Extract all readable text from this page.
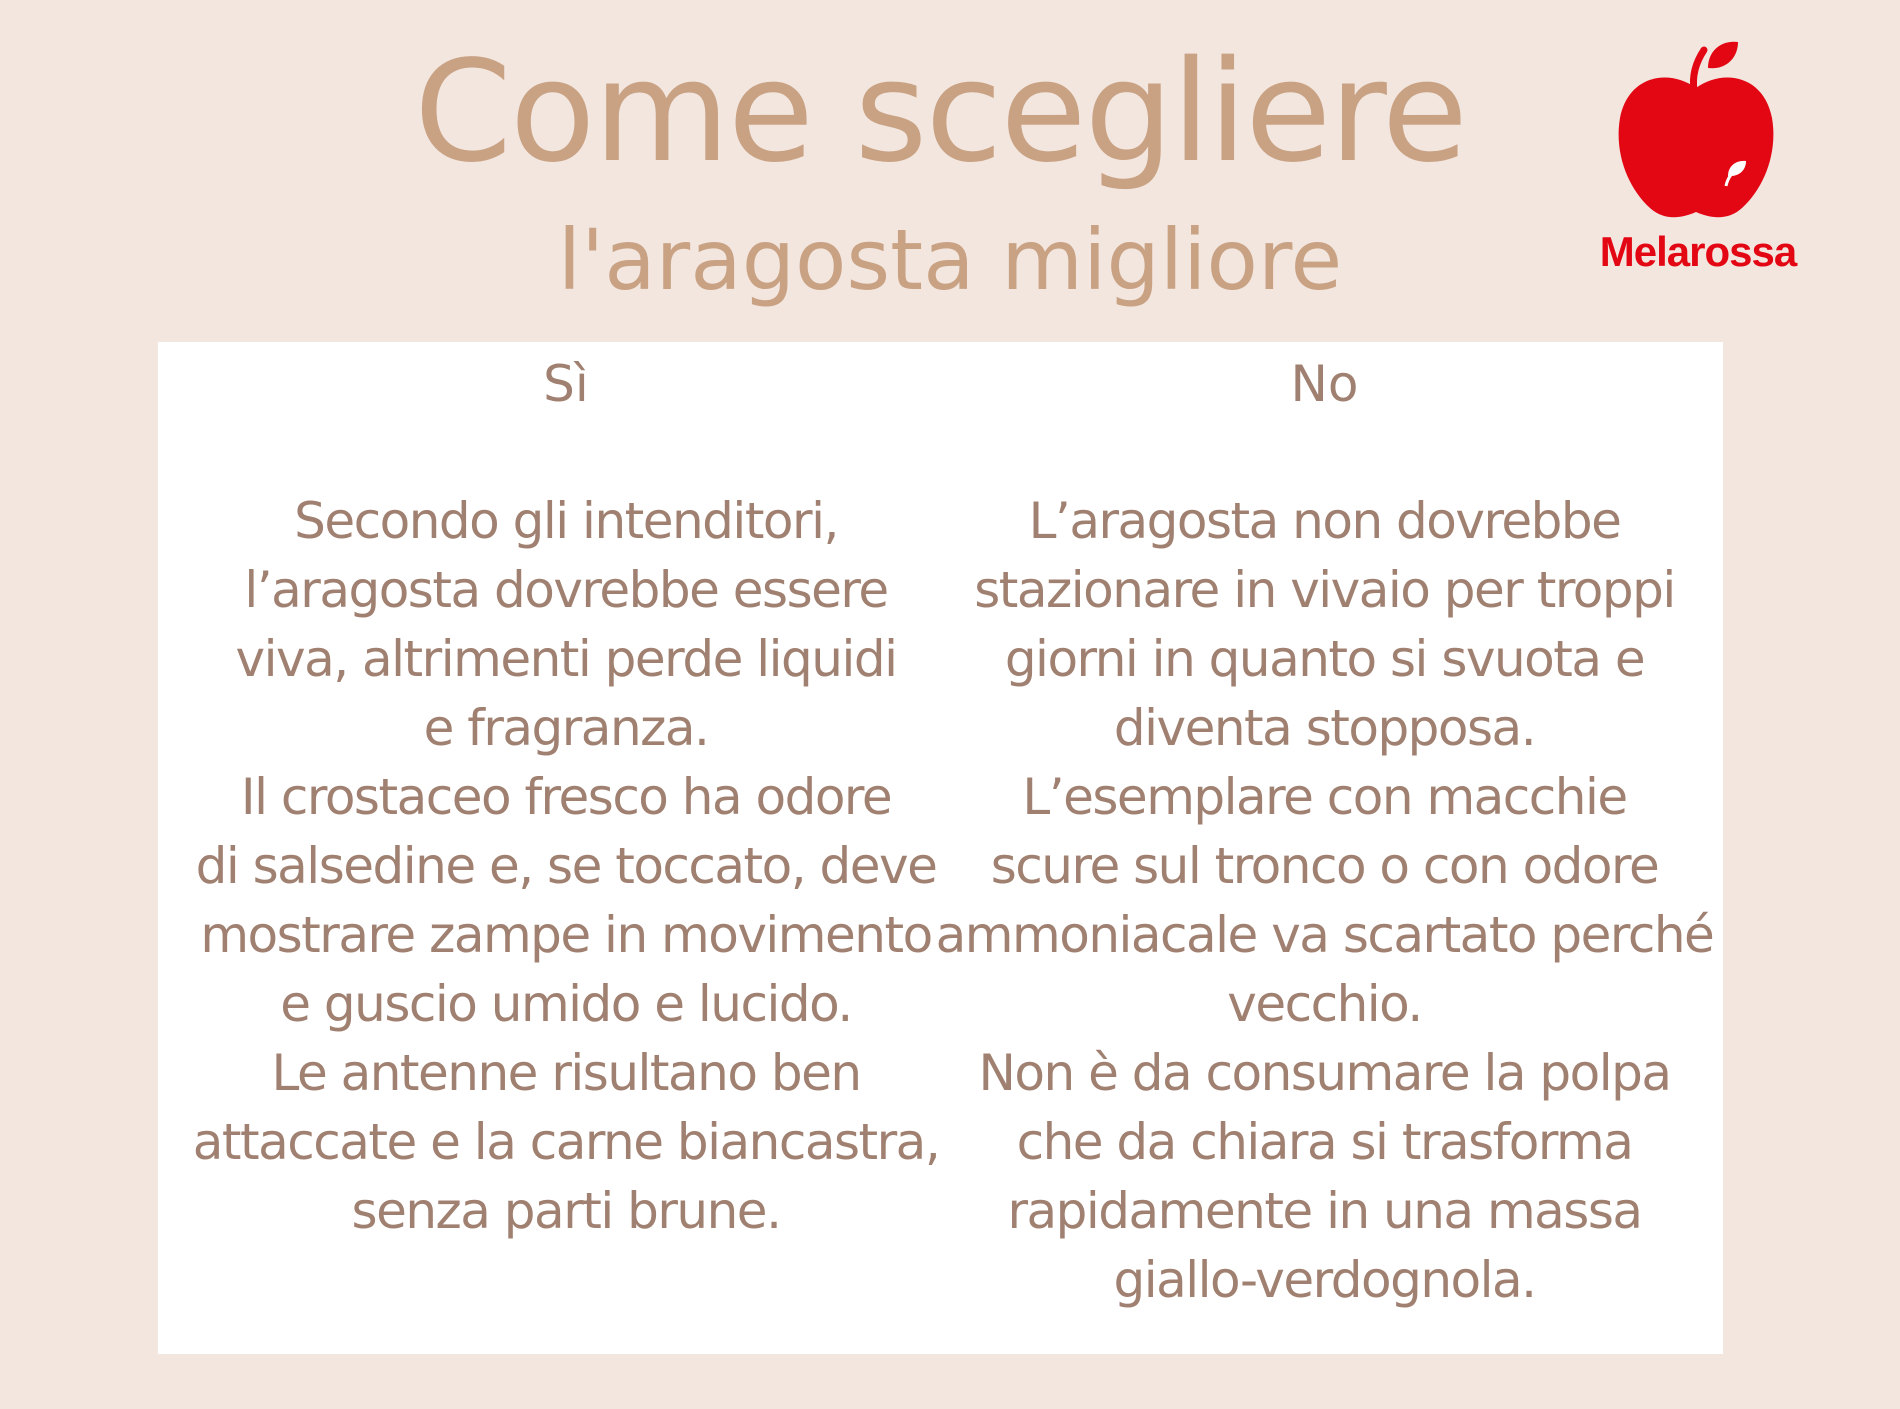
Come scegliere
l'aragosta migliore	Melarossa
Sì
Secondo gli intenditori,
l’aragosta dovrebbe essere
viva, altrimenti perde liquidi
e fragranza.
Il crostaceo fresco ha odore
di salsedine e, se toccato, deve
mostrare zampe in movimento
e guscio umido e lucido.
Le antenne risultano ben
attaccate e la carne biancastra,
senza parti brune.
No
L’aragosta non dovrebbe
stazionare in vivaio per troppi
giorni in quanto si svuota e
diventa stopposa.
L’esemplare con macchie
scure sul tronco o con odore
ammoniacale va scartato perché
vecchio.
Non è da consumare la polpa
che da chiara si trasforma
rapidamente in una massa
giallo-verdognola.
